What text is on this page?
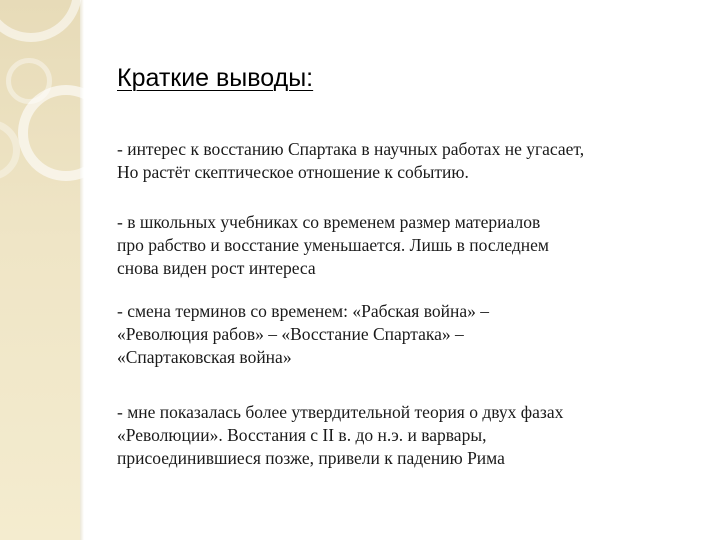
Краткие выводы:

- интерес к восстанию Спартака в научных работах не угасает,
Но растёт скептическое отношение к событию.

- в школьных учебниках со временем размер материалов
про рабство и восстание уменьшается. Лишь в последнем
снова виден рост интереса

- смена терминов со временем: «Рабская война» –
«Революция рабов» – «Восстание Спартака» –
«Спартаковская война»

- мне показалась более утвердительной теория о двух фазах
«Революции». Восстания с II в. до н.э. и варвары,
присоединившиеся позже, привели к падению Рима
